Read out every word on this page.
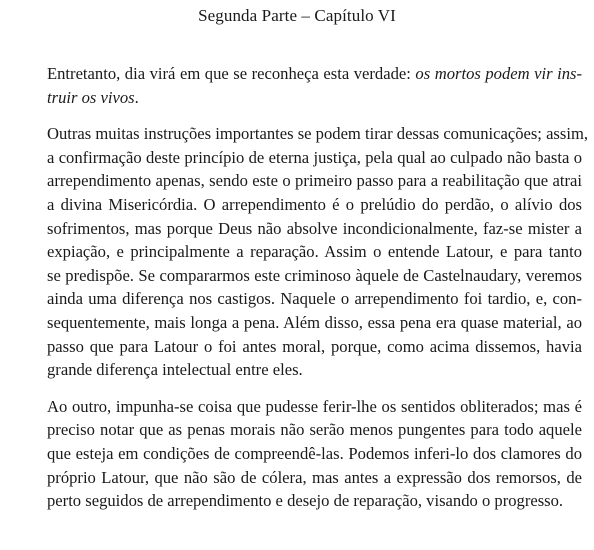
Segunda Parte – Capítulo VI

Entretanto, dia virá em que se reconheça esta verdade: os mortos podem vir ins-
truir os vivos.

Outras muitas instruções importantes se podem tirar dessas comunicações; assim,
a confirmação deste princípio de eterna justiça, pela qual ao culpado não basta o
arrependimento apenas, sendo este o primeiro passo para a reabilitação que atrai
a divina Misericórdia. O arrependimento é o prelúdio do perdão, o alívio dos
sofrimentos, mas porque Deus não absolve incondicionalmente, faz-se mister a
expiação, e principalmente a reparação. Assim o entende Latour, e para tanto
se predispõe. Se compararmos este criminoso àquele de Castelnaudary, veremos
ainda uma diferença nos castigos. Naquele o arrependimento foi tardio, e, con-
sequentemente, mais longa a pena. Além disso, essa pena era quase material, ao
passo que para Latour o foi antes moral, porque, como acima dissemos, havia
grande diferença intelectual entre eles.

Ao outro, impunha-se coisa que pudesse ferir-lhe os sentidos obliterados; mas é
preciso notar que as penas morais não serão menos pungentes para todo aquele
que esteja em condições de compreendê-las. Podemos inferi-lo dos clamores do
próprio Latour, que não são de cólera, mas antes a expressão dos remorsos, de
perto seguidos de arrependimento e desejo de reparação, visando o progresso.
